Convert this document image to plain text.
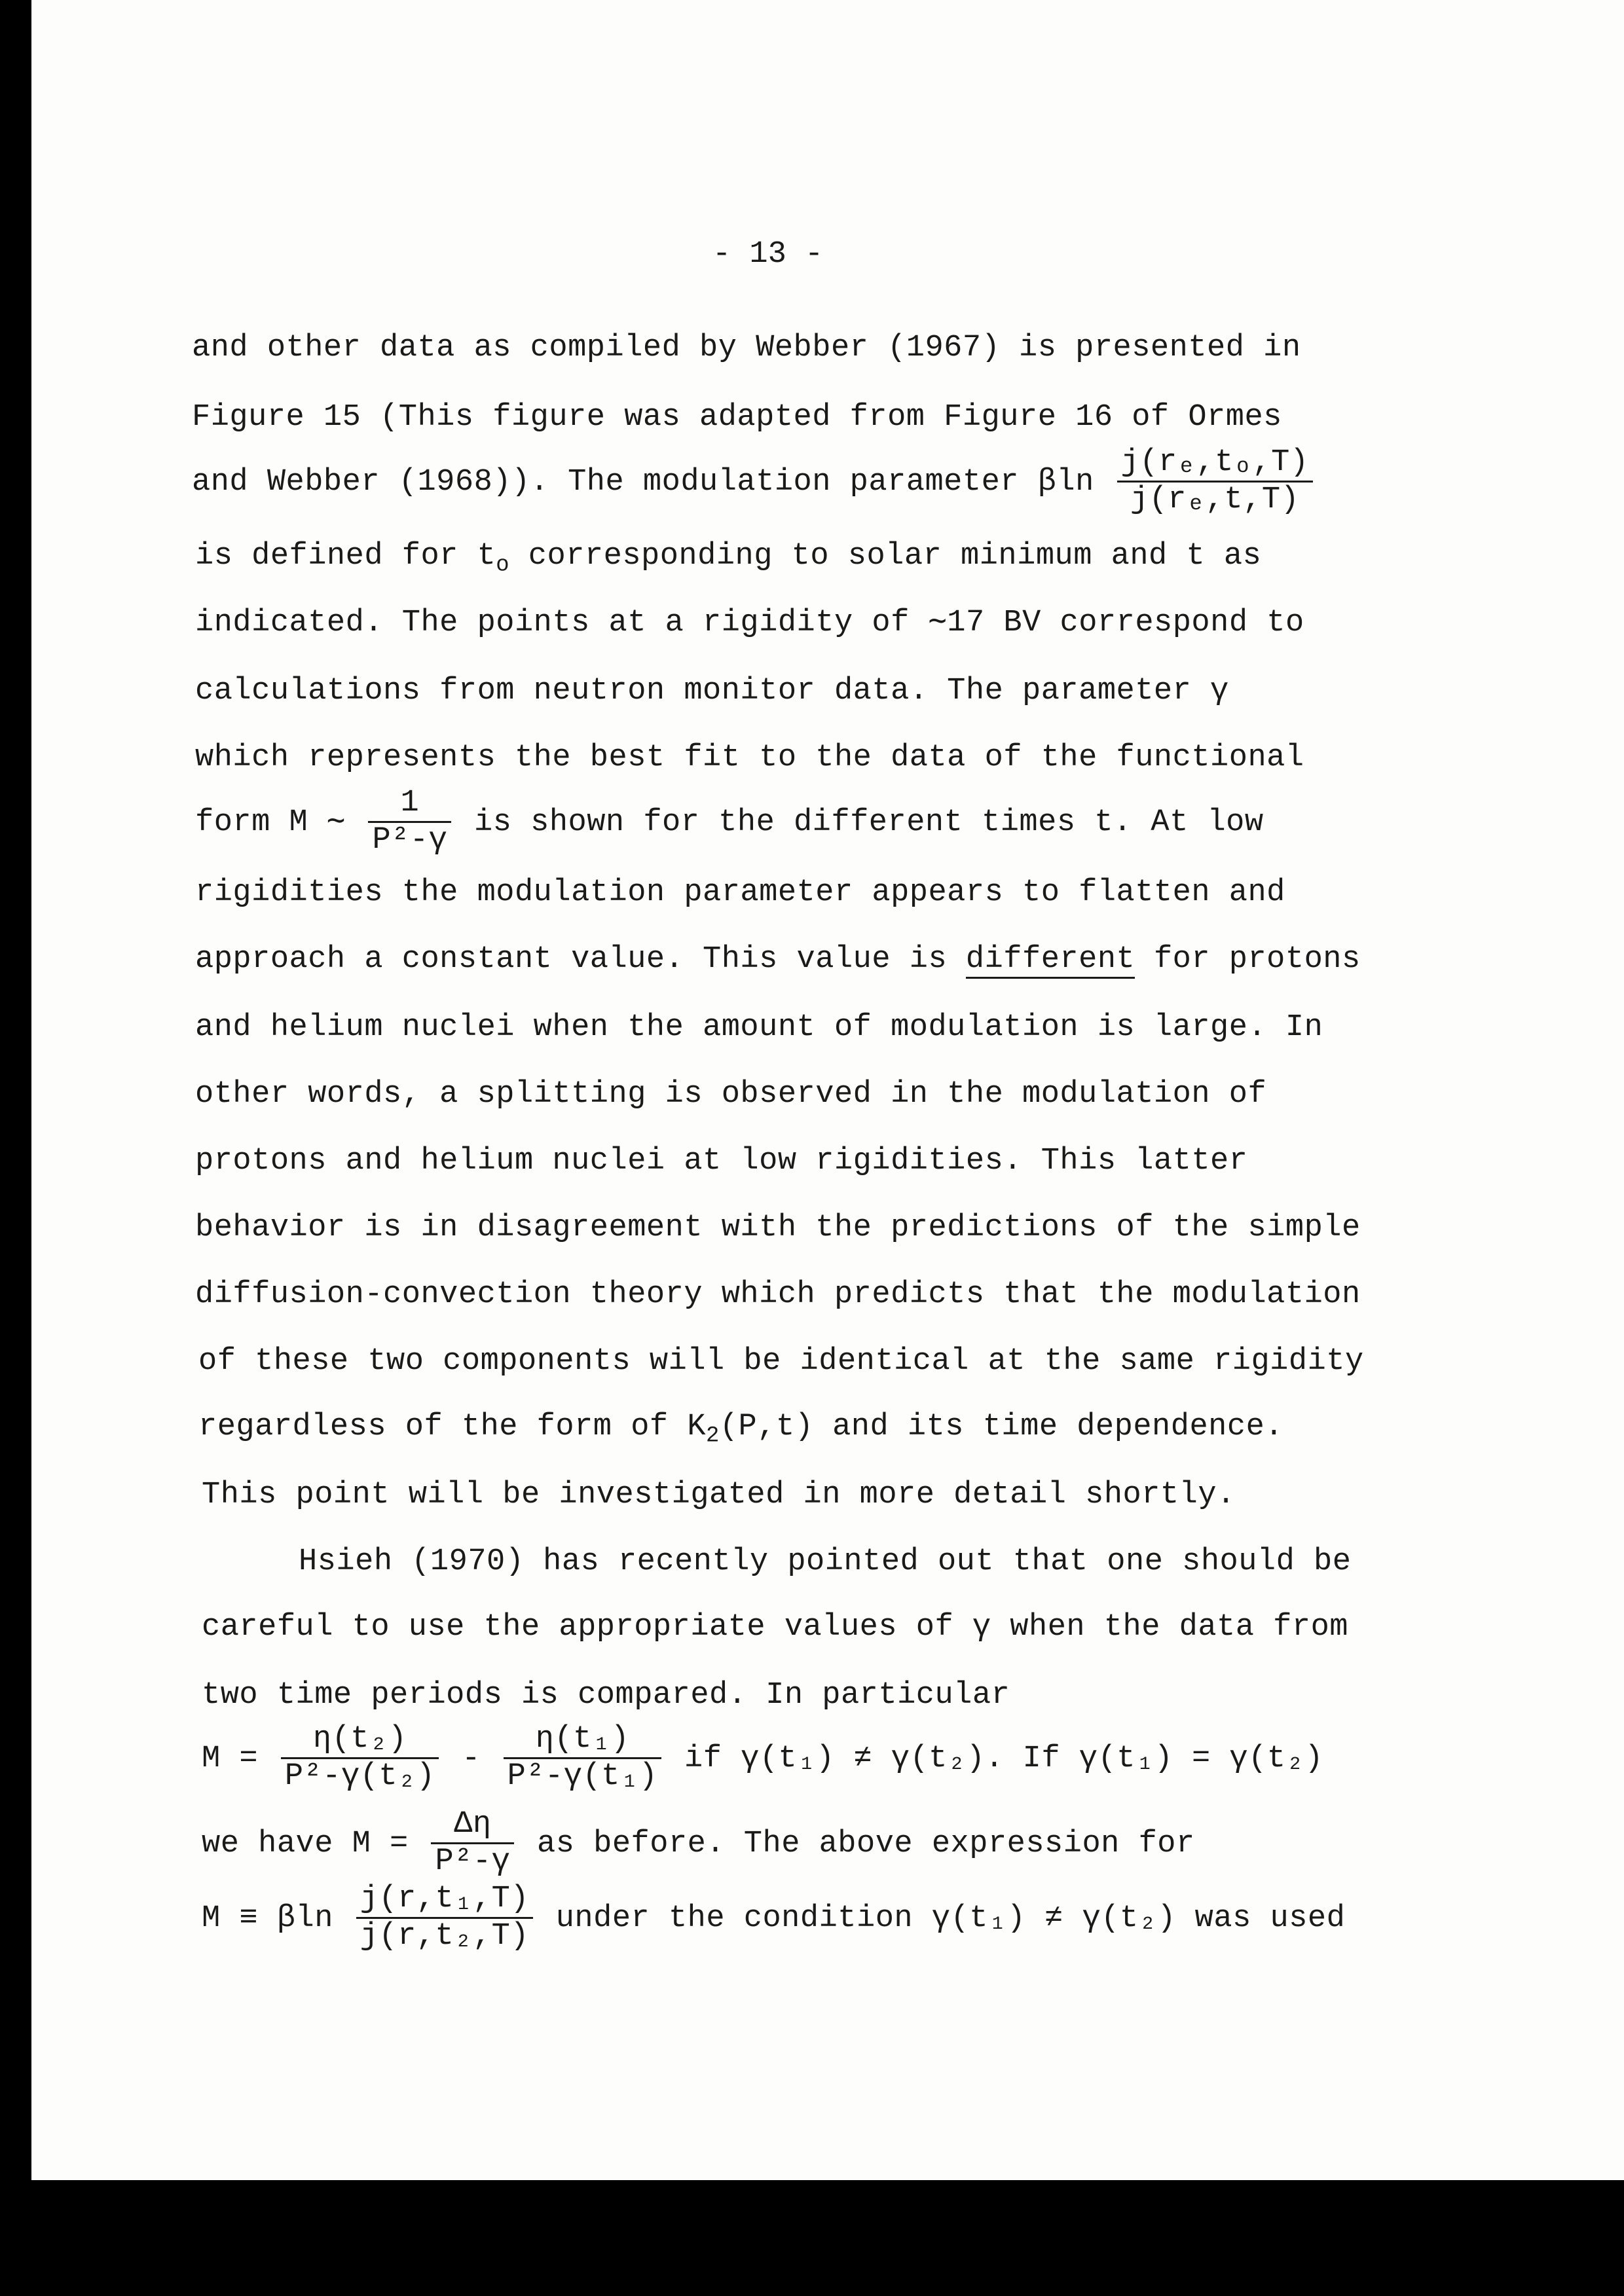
- 13 -
and other data as compiled by Webber (1967) is presented in
Figure 15 (This figure was adapted from Figure 16 of Ormes
and Webber (1968)). The modulation parameter βln $\frac{\text{j(rₑ,tₒ,T)}}{\text{j(rₑ,t,T)}}$
is defined for $t_o$ corresponding to solar minimum and t as
indicated. The points at a rigidity of ∼17 BV correspond to
calculations from neutron monitor data. The parameter γ
which represents the best fit to the data of the functional
form M ∼ $\frac{1}{\text{P²-γ}}$ is shown for the different times t. At low
rigidities the modulation parameter appears to flatten and
approach a constant value. This value is different for protons
and helium nuclei when the amount of modulation is large. In
other words, a splitting is observed in the modulation of
protons and helium nuclei at low rigidities. This latter
behavior is in disagreement with the predictions of the simple
diffusion-convection theory which predicts that the modulation
of these two components will be identical at the same rigidity
regardless of the form of $K_2(P,t)$ and its time dependence.
This point will be investigated in more detail shortly.
Hsieh (1970) has recently pointed out that one should be
careful to use the appropriate values of γ when the data from
two time periods is compared. In particular
$M = \frac{\text{η(t₂)}}{\text{P²-γ(t₂)}} - \frac{\text{η(t₁)}}{\text{P²-γ(t₁)}}$ if γ(t₁) ≠ γ(t₂). If γ(t₁) = γ(t₂)
we have $M = \frac{\Delta\eta}{\text{P²-γ}}$ as before. The above expression for
M ≡ βln $\frac{\text{j(r,t₁,T)}}{\text{j(r,t₂,T)}}$ under the condition γ(t₁) ≠ γ(t₂) was used
